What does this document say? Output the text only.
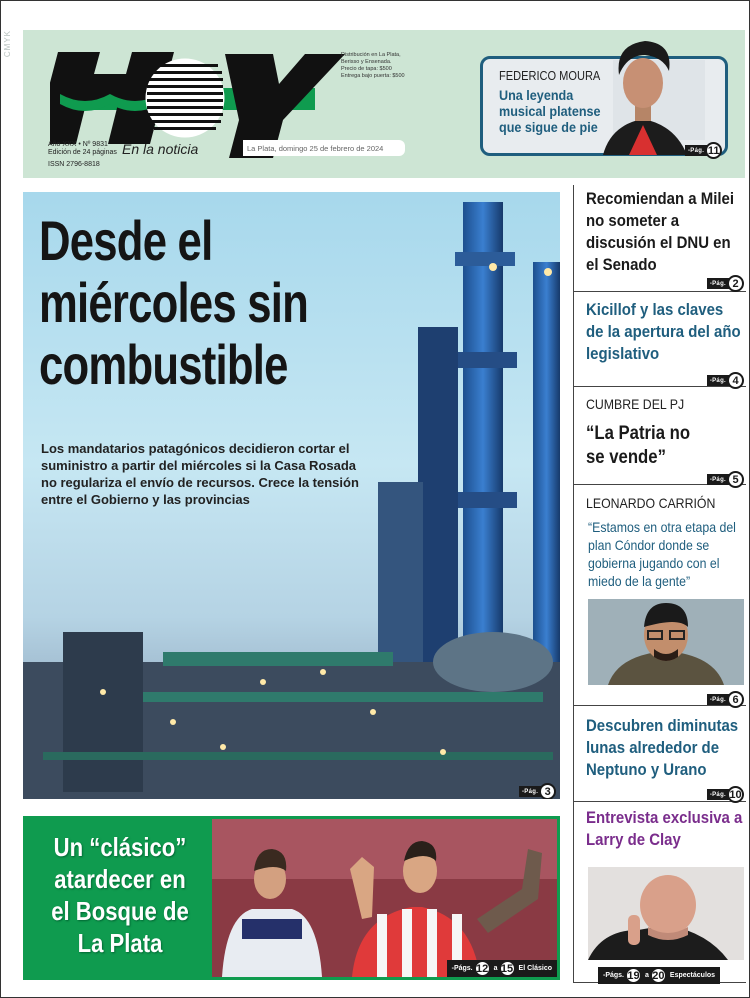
CMYK
Año XXX • Nº 9831
Edición de 24 páginas
ISSN 2796-8818
En la noticia
Distribución en La Plata,
Berisso y Ensenada.
Precio de tapa: $500
Entrega bajo puerta: $500
La Plata, domingo 25 de febrero de 2024
FEDERICO MOURA
Una leyenda musical platense que sigue de pie
-Pág. 11
Desde el
miércoles sin
combustible
Los mandatarios patagónicos decidieron cortar el suministro a partir del miércoles si la Casa Rosada no regulariza el envío de recursos. Crece la tensión entre el Gobierno y las provincias
-Pág. 3
Un “clásico”
atardecer en
el Bosque de
La Plata
-Págs. 12 a 15 El Clásico
Recomiendan a Milei no someter a discusión el DNU en el Senado
-Pág. 2
Kicillof y las claves de la apertura del año legislativo
-Pág. 4
CUMBRE DEL PJ
“La Patria no se vende”
-Pág. 5
LEONARDO CARRIÓN
“Estamos en otra etapa del plan Cóndor donde se gobierna jugando con el miedo de la gente”
-Pág. 6
Descubren diminutas lunas alrededor de Neptuno y Urano
-Pág. 10
Entrevista exclusiva a Larry de Clay
-Págs. 19 a 20 Espectáculos
